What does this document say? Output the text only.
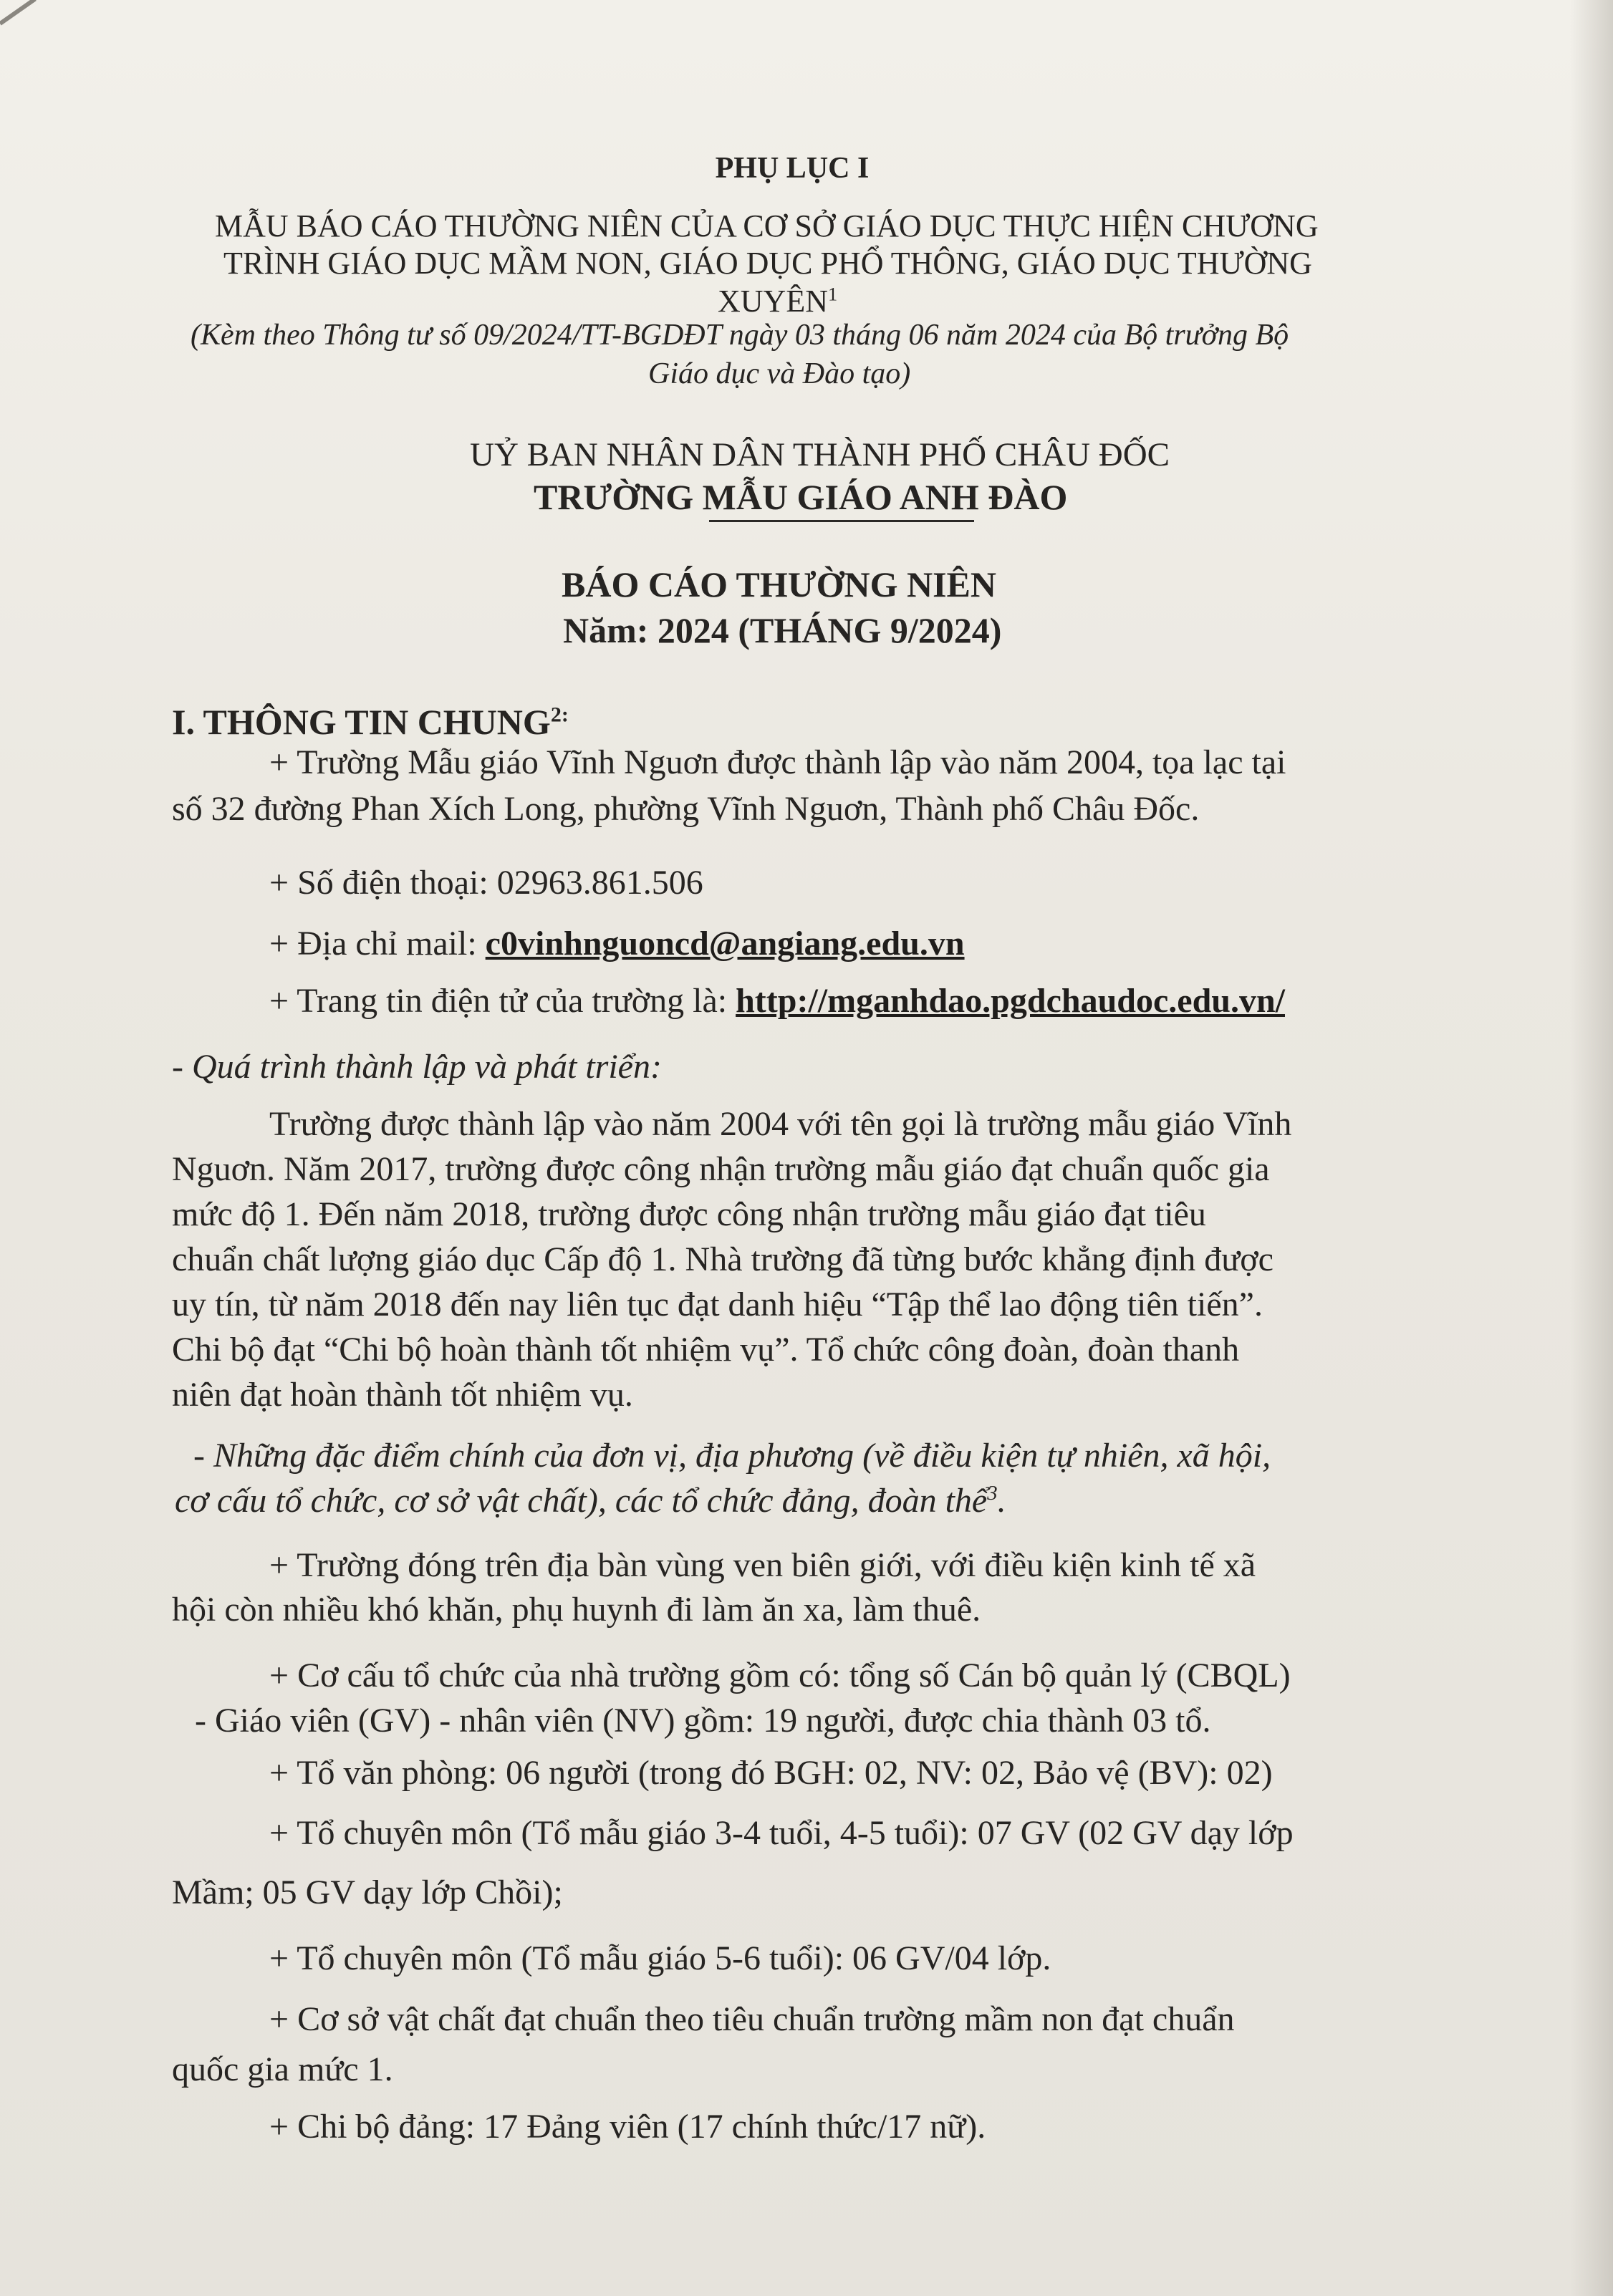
PHỤ LỤC I
MẪU BÁO CÁO THƯỜNG NIÊN CỦA CƠ SỞ GIÁO DỤC THỰC HIỆN CHƯƠNG
TRÌNH GIÁO DỤC MẦM NON, GIÁO DỤC PHỔ THÔNG, GIÁO DỤC THƯỜNG
XUYÊN$^1$
(Kèm theo Thông tư số 09/2024/TT-BGDĐT ngày 03 tháng 06 năm 2024 của Bộ trưởng Bộ
Giáo dục và Đào tạo)
UỶ BAN NHÂN DÂN THÀNH PHỐ CHÂU ĐỐC
TRƯỜNG MẪU GIÁO ANH ĐÀO
BÁO CÁO THƯỜNG NIÊN
Năm: 2024 (THÁNG 9/2024)
I. THÔNG TIN $CHUNG^{2:}$
+ Trường Mẫu giáo Vĩnh Nguơn được thành lập vào năm 2004, tọa lạc tại
số 32 đường Phan Xích Long, phường Vĩnh Nguơn, Thành phố Châu Đốc.
+ Số điện thoại: 02963.861.506
+ Địa chỉ mail: c0vinhnguoncd@angiang.edu.vn
+ Trang tin điện tử của trường là: http://mganhdao.pgdchaudoc.edu.vn/
- Quá trình thành lập và phát triển:
Trường được thành lập vào năm 2004 với tên gọi là trường mẫu giáo Vĩnh
Nguơn. Năm 2017, trường được công nhận trường mẫu giáo đạt chuẩn quốc gia
mức độ 1. Đến năm 2018, trường được công nhận trường mẫu giáo đạt tiêu
chuẩn chất lượng giáo dục Cấp độ 1. Nhà trường đã từng bước khẳng định được
uy tín, từ năm 2018 đến nay liên tục đạt danh hiệu “Tập thể lao động tiên tiến”.
Chi bộ đạt “Chi bộ hoàn thành tốt nhiệm vụ”. Tổ chức công đoàn, đoàn thanh
niên đạt hoàn thành tốt nhiệm vụ.
- Những đặc điểm chính của đơn vị, địa phương (về điều kiện tự nhiên, xã hội,
cơ cấu tổ chức, cơ sở vật chất), các tổ chức đảng, đoàn thể$^3$.
+ Trường đóng trên địa bàn vùng ven biên giới, với điều kiện kinh tế xã
hội còn nhiều khó khăn, phụ huynh đi làm ăn xa, làm thuê.
+ Cơ cấu tổ chức của nhà trường gồm có: tổng số Cán bộ quản lý (CBQL)
- Giáo viên (GV) - nhân viên (NV) gồm: 19 người, được chia thành 03 tổ.
+ Tổ văn phòng: 06 người (trong đó BGH: 02, NV: 02, Bảo vệ (BV): 02)
+ Tổ chuyên môn (Tổ mẫu giáo 3-4 tuổi, 4-5 tuổi): 07 GV (02 GV dạy lớp
Mầm; 05 GV dạy lớp Chồi);
+ Tổ chuyên môn (Tổ mẫu giáo 5-6 tuổi): 06 GV/04 lớp.
+ Cơ sở vật chất đạt chuẩn theo tiêu chuẩn trường mầm non đạt chuẩn
quốc gia mức 1.
+ Chi bộ đảng: 17 Đảng viên (17 chính thức/17 nữ).
